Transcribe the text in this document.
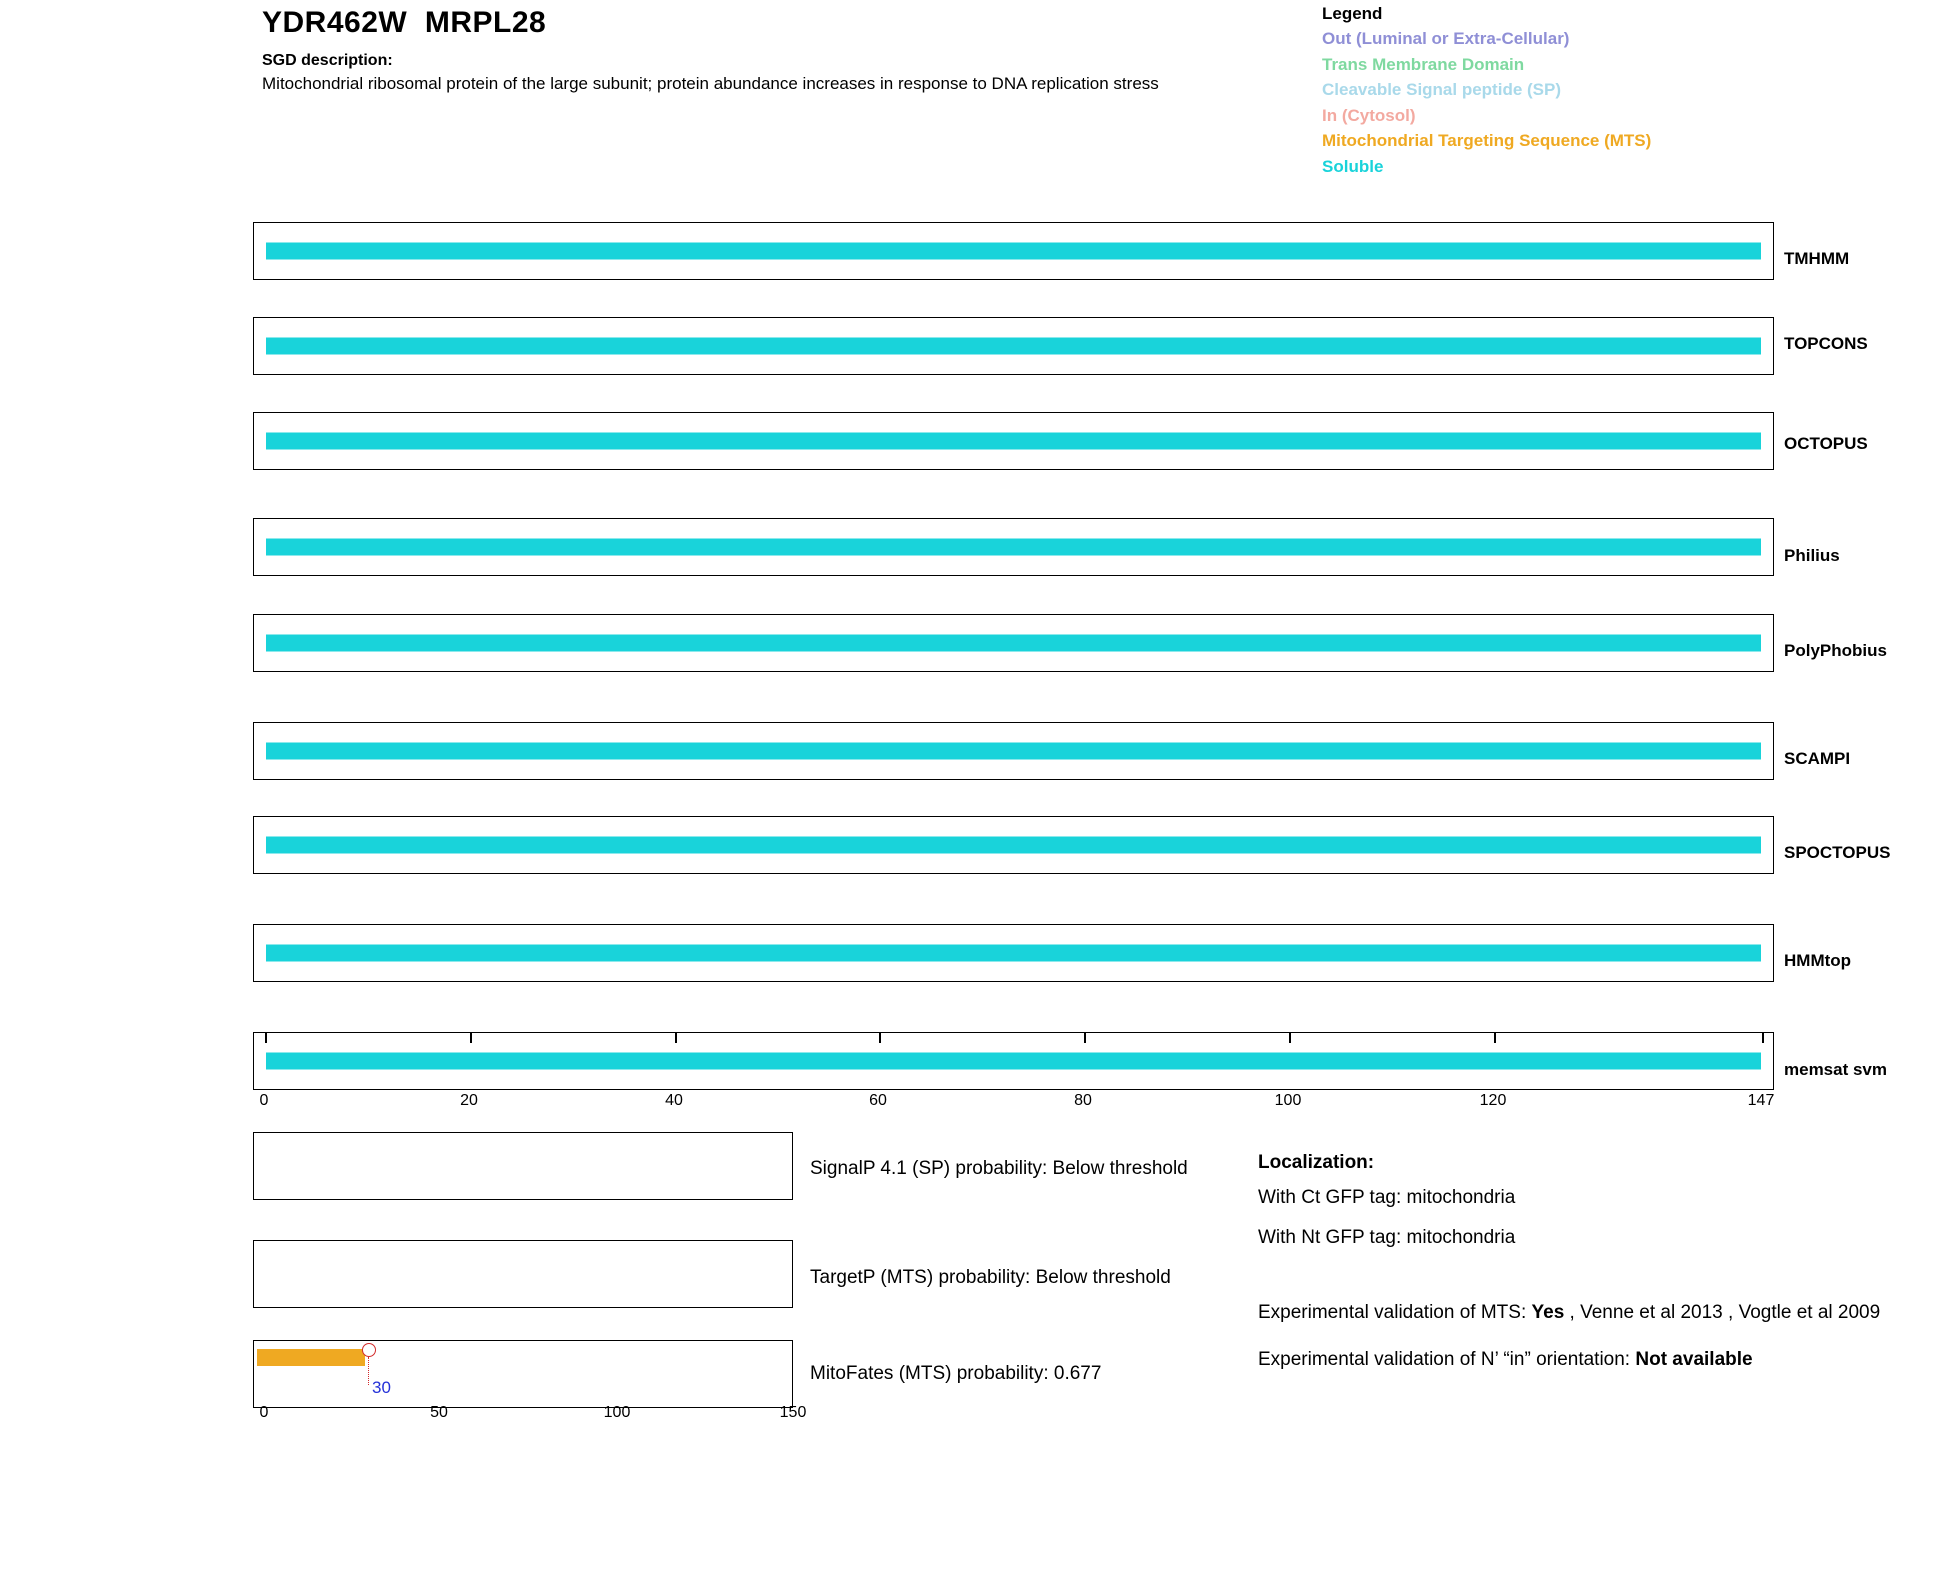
YDR462W  MRPL28
SGD description:
Mitochondrial ribosomal protein of the large subunit; protein abundance increases in response to DNA replication stress
Legend
Out (Luminal or Extra-Cellular)
Trans Membrane Domain
Cleavable Signal peptide (SP)
In (Cytosol)
Mitochondrial Targeting Sequence (MTS)
Soluble
TMHMM
TOPCONS
OCTOPUS
Philius
PolyPhobius
SCAMPI
SPOCTOPUS
HMMtop
memsat svm
0	20	40	60	80	100	120	147
SignalP 4.1 (SP) probability: Below threshold
TargetP (MTS) probability: Below threshold
30
MitoFates (MTS) probability: 0.677
0	50	100	150
Localization:
With Ct GFP tag: mitochondria
With Nt GFP tag: mitochondria
Experimental validation of MTS: Yes , Venne et al 2013 , Vogtle et al 2009
Experimental validation of N’ “in” orientation: Not available
